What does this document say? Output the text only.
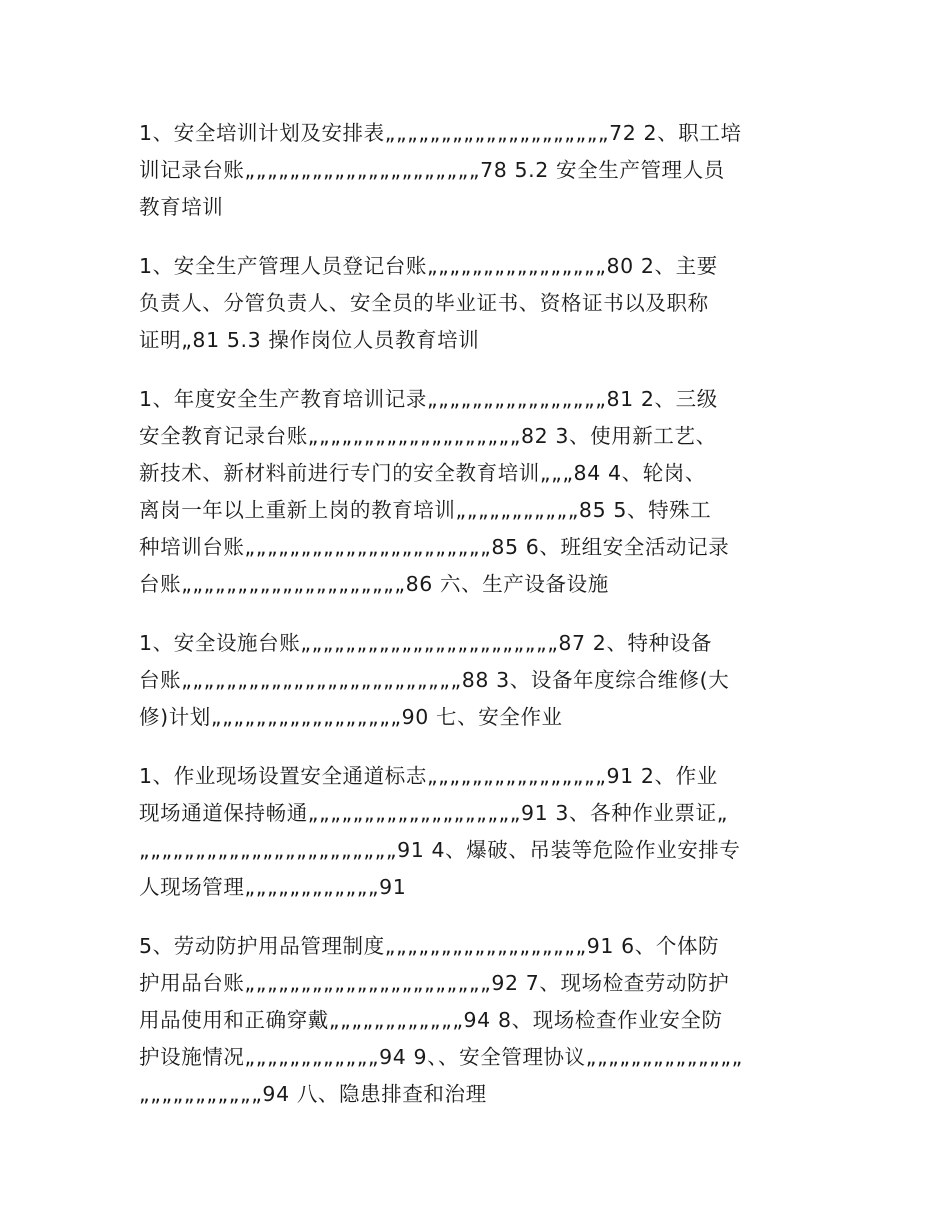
1、安全培训计划及安排表„„„„„„„„„„„„„„„„„„„„72 2、职工培
训记录台账„„„„„„„„„„„„„„„„„„„„„78 5.2 安全生产管理人员
教育培训

1、安全生产管理人员登记台账„„„„„„„„„„„„„„„„80 2、主要
负责人、分管负责人、安全员的毕业证书、资格证书以及职称
证明„81 5.3 操作岗位人员教育培训

1、年度安全生产教育培训记录„„„„„„„„„„„„„„„„81 2、三级
安全教育记录台账„„„„„„„„„„„„„„„„„„„82 3、使用新工艺、
新技术、新材料前进行专门的安全教育培训„„„84 4、轮岗、
离岗一年以上重新上岗的教育培训„„„„„„„„„„„85 5、特殊工
种培训台账„„„„„„„„„„„„„„„„„„„„„„85 6、班组安全活动记录
台账„„„„„„„„„„„„„„„„„„„„86 六、生产设备设施

1、安全设施台账„„„„„„„„„„„„„„„„„„„„„„„87 2、特种设备
台账„„„„„„„„„„„„„„„„„„„„„„„„„88 3、设备年度综合维修(大
修)计划„„„„„„„„„„„„„„„„„90 七、安全作业

1、作业现场设置安全通道标志„„„„„„„„„„„„„„„„91 2、作业
现场通道保持畅通„„„„„„„„„„„„„„„„„„„91 3、各种作业票证„
„„„„„„„„„„„„„„„„„„„„„„„91 4、爆破、吊装等危险作业安排专
人现场管理„„„„„„„„„„„„91

5、劳动防护用品管理制度„„„„„„„„„„„„„„„„„„91 6、个体防
护用品台账„„„„„„„„„„„„„„„„„„„„„„92 7、现场检查劳动防护
用品使用和正确穿戴„„„„„„„„„„„„94 8、现场检查作业安全防
护设施情况„„„„„„„„„„„„94 9、、安全管理协议„„„„„„„„„„„„„„
„„„„„„„„„„„94 八、隐患排查和治理
